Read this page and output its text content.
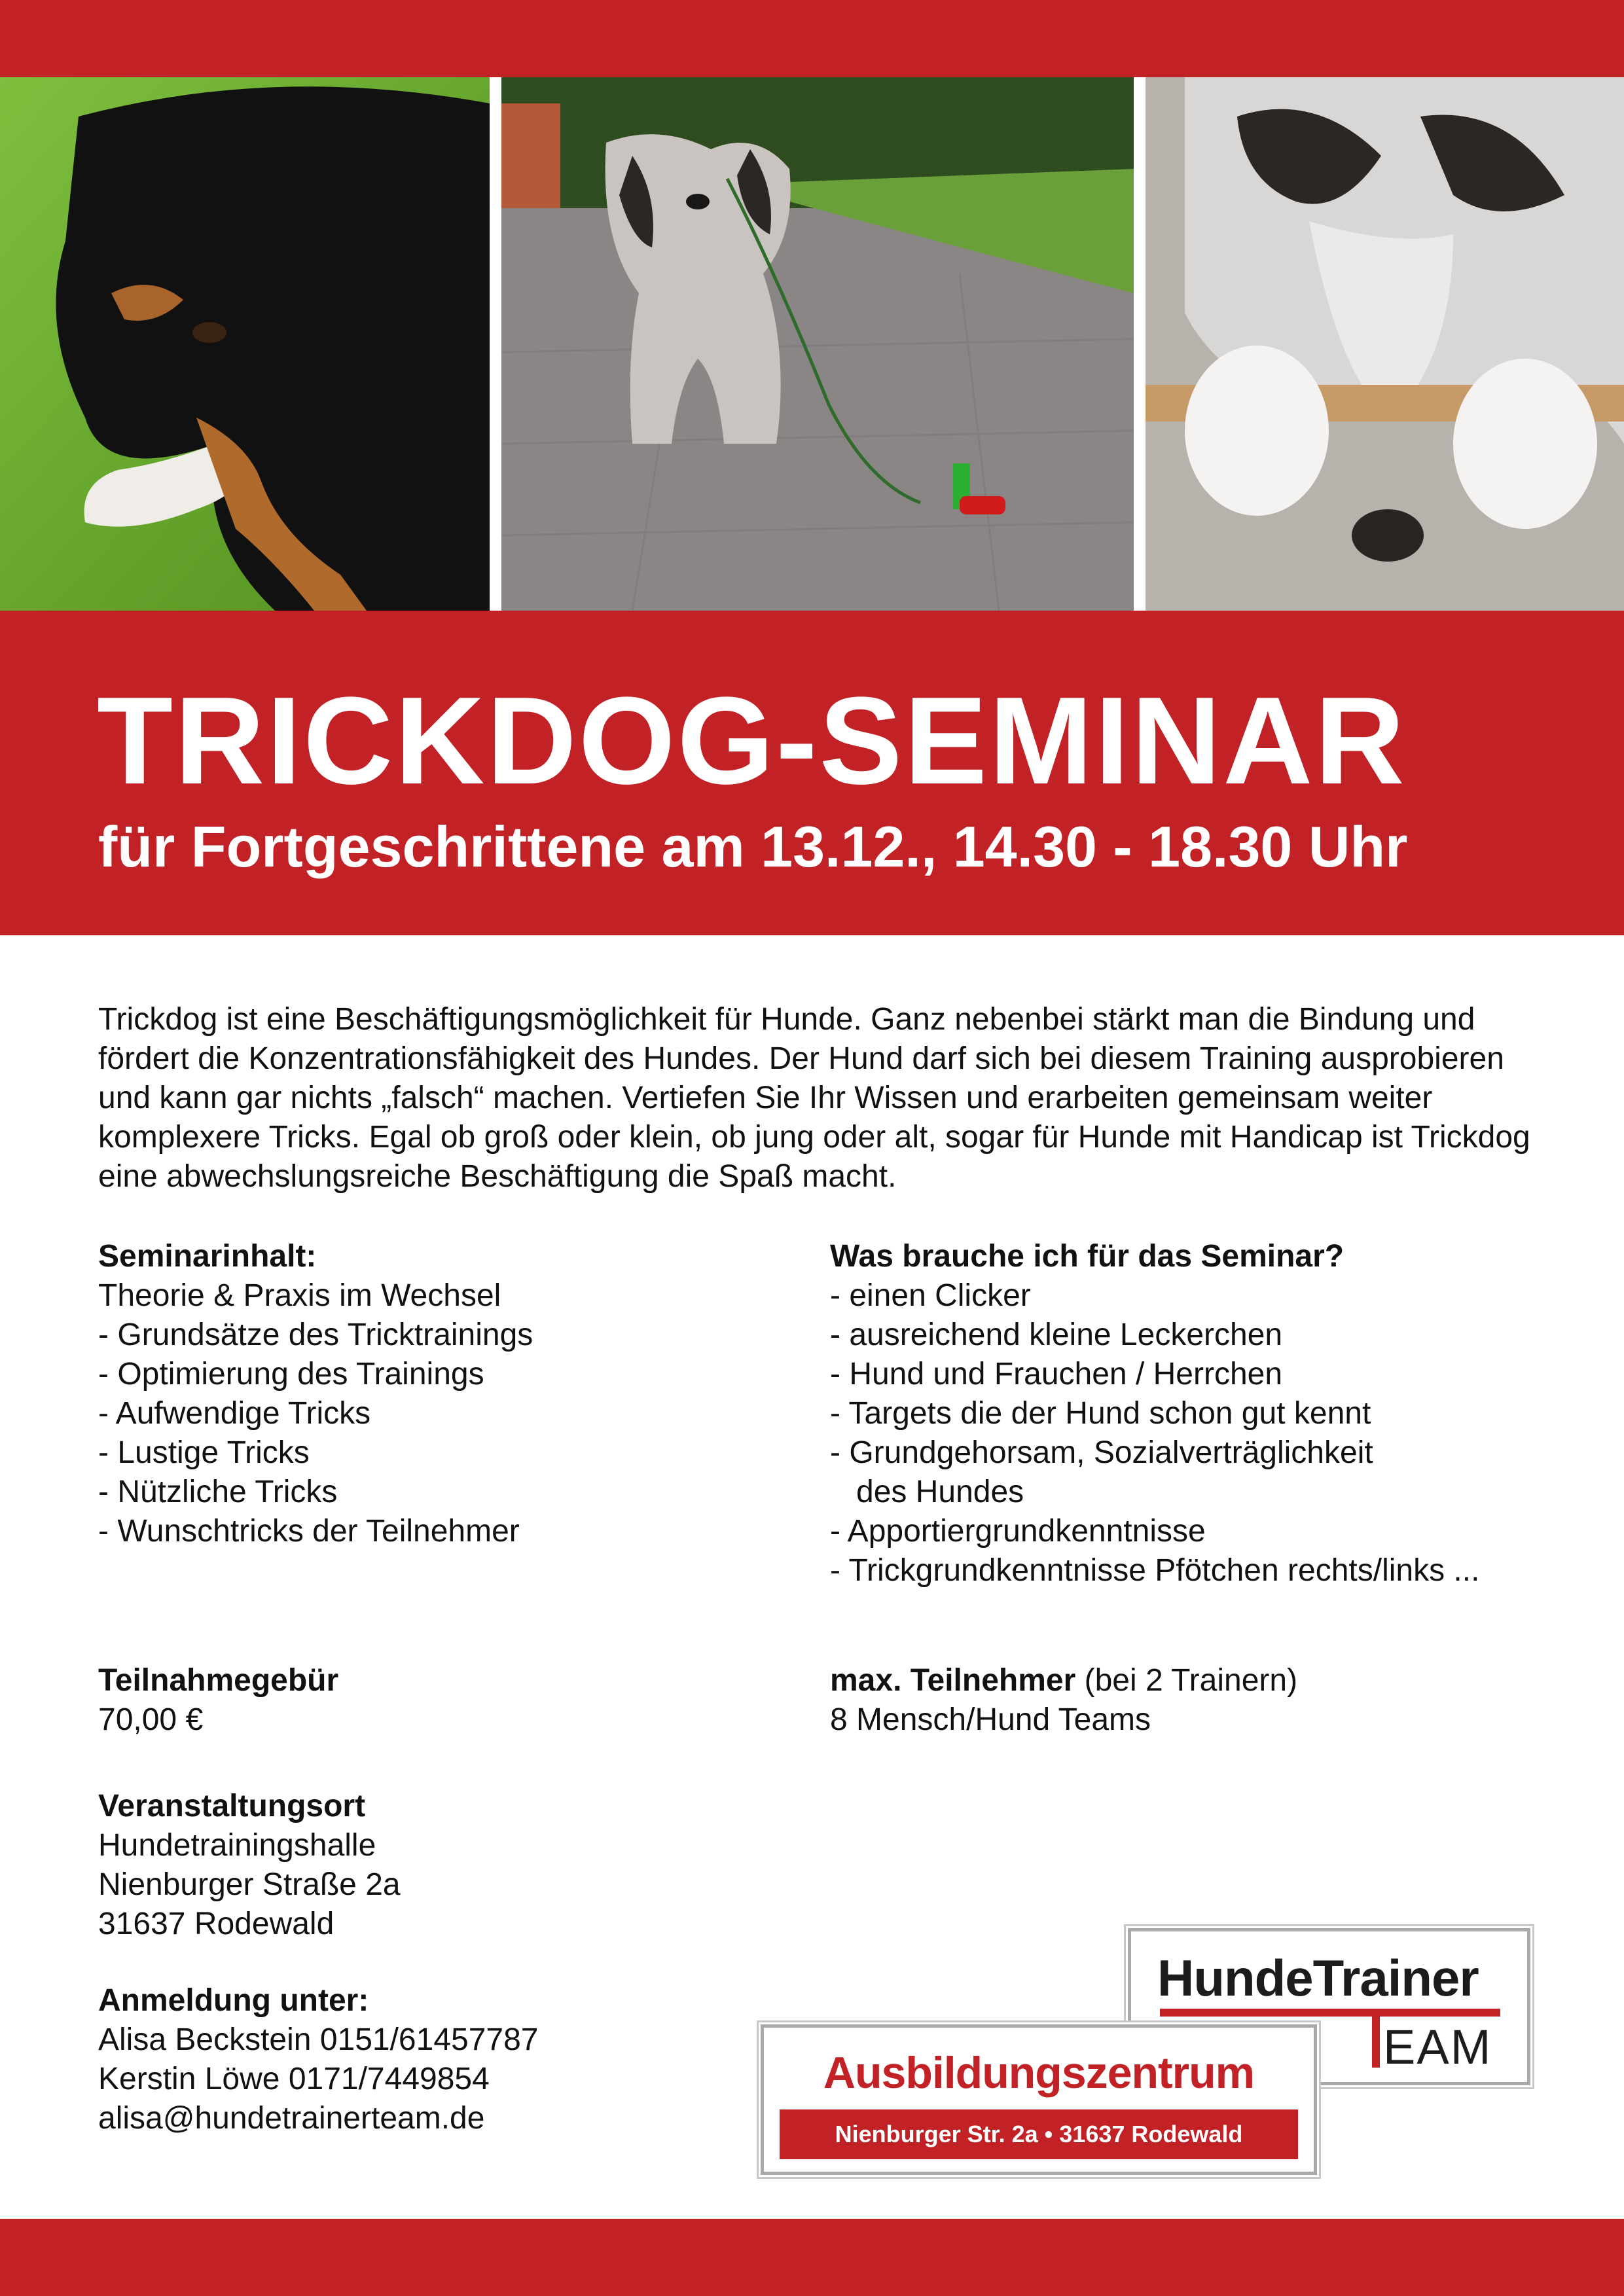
TRICKDOG-SEMINAR
für Fortgeschrittene am 13.12., 14.30 - 18.30 Uhr

Trickdog ist eine Beschäftigungsmöglichkeit für Hunde. Ganz nebenbei stärkt man die Bindung und fördert die Konzentrationsfähigkeit des Hundes. Der Hund darf sich bei diesem Training ausprobieren und kann gar nichts „falsch“ machen. Vertiefen Sie Ihr Wissen und erarbeiten gemeinsam weiter komplexere Tricks. Egal ob groß oder klein, ob jung oder alt, sogar für Hunde mit Handicap ist Trickdog eine abwechslungsreiche Beschäftigung die Spaß macht.

Seminarinhalt:
Theorie & Praxis im Wechsel
- Grundsätze des Tricktrainings
- Optimierung des Trainings
- Aufwendige Tricks
- Lustige Tricks
- Nützliche Tricks
- Wunschtricks der Teilnehmer
Was brauche ich für das Seminar?
- einen Clicker
- ausreichend kleine Leckerchen
- Hund und Frauchen / Herrchen
- Targets die der Hund schon gut kennt
- Grundgehorsam, Sozialverträglichkeit
des Hundes
- Apportiergrundkenntnisse
- Trickgrundkenntnisse Pfötchen rechts/links ...
Teilnahmegebür
70,00 €
max. Teilnehmer (bei 2 Trainern)
8 Mensch/Hund Teams
Veranstaltungsort
Hundetrainingshalle
Nienburger Straße 2a
31637 Rodewald
Anmeldung unter:
Alisa Beckstein 0151/61457787
Kerstin Löwe 0171/7449854
alisa@hundetrainerteam.de
HundeTrainer
EAM
Ausbildungszentrum
Nienburger Str. 2a • 31637 Rodewald
